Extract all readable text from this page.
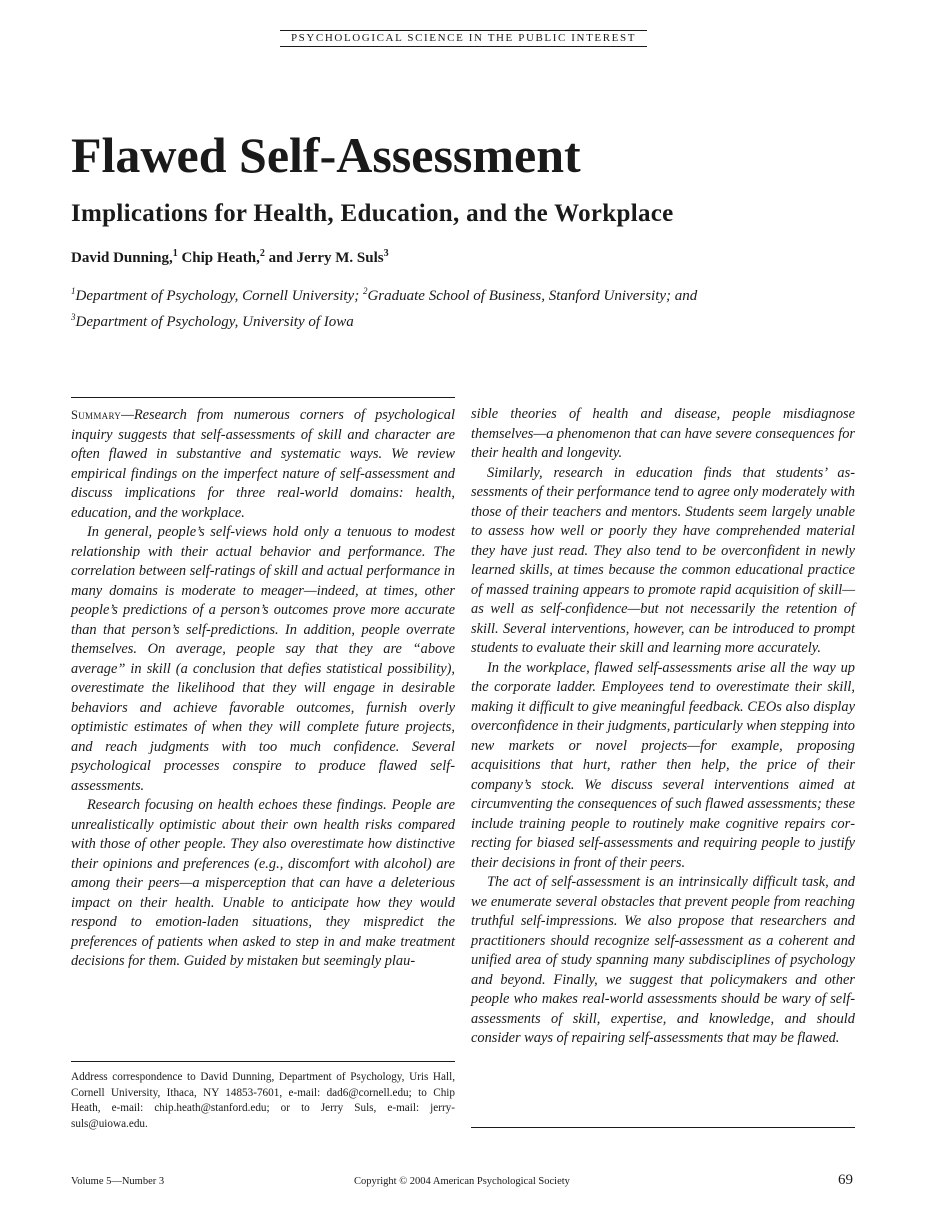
PSYCHOLOGICAL SCIENCE IN THE PUBLIC INTEREST
Flawed Self-Assessment
Implications for Health, Education, and the Workplace

David Dunning,$^1$ Chip Heath,$^2$ and Jerry M. Suls$^3$

$^1$Department of Psychology, Cornell University; $^2$Graduate School of Business, Stanford University; and
$^3$Department of Psychology, University of Iowa

Summary—Research from numerous corners of psychological inquiry suggests that self-assessments of skill and character are often flawed in substantive and systematic ways. We review empirical findings on the imperfect nature of self-assessment and discuss implications for three real-world domains: health, education, and the workplace.

In general, people’s self-views hold only a tenuous to modest relationship with their actual behavior and performance. The correlation between self-ratings of skill and actual performance in many domains is moderate to meager—indeed, at times, other people’s predictions of a person’s outcomes prove more accurate than that person’s self-predictions. In addition, people overrate themselves. On average, people say that they are “above average” in skill (a conclusion that defies statistical possibility), overestimate the likelihood that they will engage in desirable behaviors and achieve favorable outcomes, furnish overly optimistic estimates of when they will complete future projects, and reach judgments with too much confidence. Several psychological processes conspire to produce flawed self-assessments.

Research focusing on health echoes these findings. People are unrealistically optimistic about their own health risks compared with those of other people. They also overestimate how distinctive their opinions and preferences (e.g., discomfort with alcohol) are among their peers—a misperception that can have a deleterious impact on their health. Unable to anticipate how they would respond to emotion-laden situations, they mispredict the preferences of patients when asked to step in and make treatment decisions for them. Guided by mistaken but seemingly plau-

sible theories of health and disease, people misdiagnose themselves—a phenomenon that can have severe consequences for their health and longevity.

Similarly, research in education finds that students’ assessments of their performance tend to agree only moderately with those of their teachers and mentors. Students seem largely unable to assess how well or poorly they have comprehended material they have just read. They also tend to be overconfident in newly learned skills, at times because the common educational practice of massed training appears to promote rapid acquisition of skill—as well as self-confidence—but not necessarily the retention of skill. Several interventions, however, can be introduced to prompt students to evaluate their skill and learning more accurately.

In the workplace, flawed self-assessments arise all the way up the corporate ladder. Employees tend to overestimate their skill, making it difficult to give meaningful feedback. CEOs also display overconfidence in their judgments, particularly when stepping into new markets or novel projects—for example, proposing acquisitions that hurt, rather then help, the price of their company’s stock. We discuss several interventions aimed at circumventing the consequences of such flawed assessments; these include training people to routinely make cognitive repairs correcting for biased self-assessments and requiring people to justify their decisions in front of their peers.

The act of self-assessment is an intrinsically difficult task, and we enumerate several obstacles that prevent people from reaching truthful self-impressions. We also propose that researchers and practitioners should recognize self-assessment as a coherent and unified area of study spanning many subdisciplines of psychology and beyond. Finally, we suggest that policymakers and other people who makes real-world assessments should be wary of self-assessments of skill, expertise, and knowledge, and should consider ways of repairing self-assessments that may be flawed.

Address correspondence to David Dunning, Department of Psychology, Uris Hall, Cornell University, Ithaca, NY 14853-7601, e-mail: dad6@cornell.edu; to Chip Heath, e-mail: chip.heath@stanford.edu; or to Jerry Suls, e-mail: jerry-suls@uiowa.edu.
Volume 5—Number 3	Copyright © 2004 American Psychological Society	69
